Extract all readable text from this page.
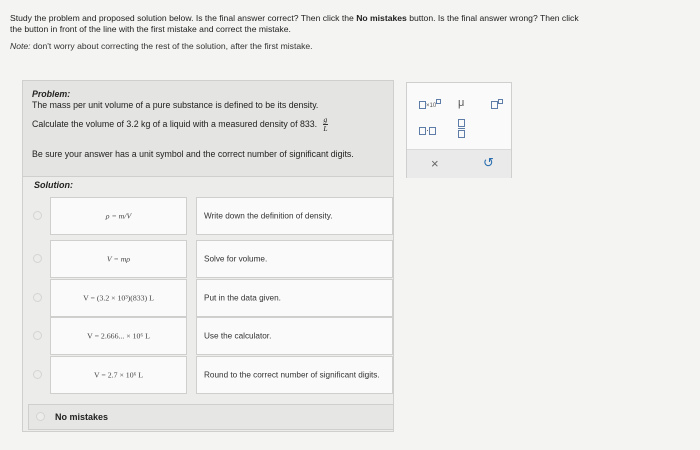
Study the problem and proposed solution below. Is the final answer correct? Then click the No mistakes button. Is the final answer wrong? Then click
the button in front of the line with the first mistake and correct the mistake.
Note: don't worry about correcting the rest of the solution, after the first mistake.
Problem:
The mass per unit volume of a pure substance is defined to be its density.
Calculate the volume of 3.2 kg of a liquid with a measured density of 833. $\frac{g}{L}$
Be sure your answer has a unit symbol and the correct number of significant digits.
Solution:
ρ = m/V	Write down the definition of density.
V = mρ	Solve for volume.
V = (3.2 × 10³)(833) L	Put in the data given.
V = 2.666... × 10⁶ L	Use the calculator.
V = 2.7 × 10⁶ L	Round to the correct number of significant digits.
No mistakes
×10	μ
·
×	↺
